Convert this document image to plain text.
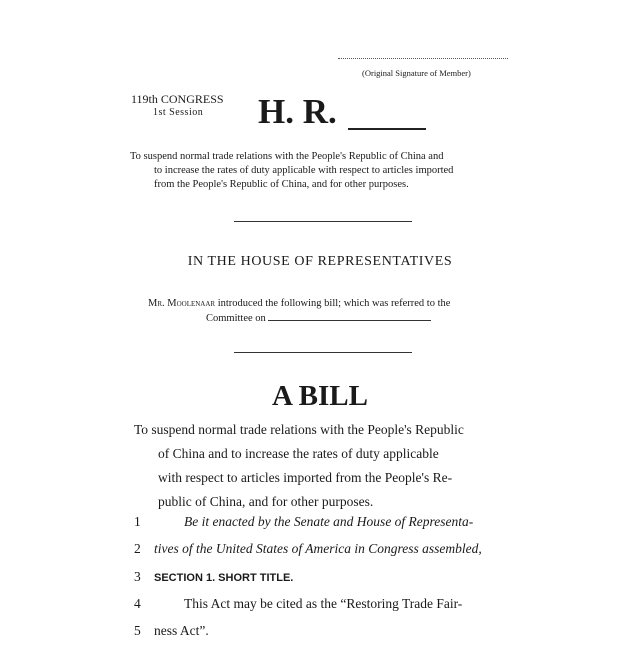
(Original Signature of Member)
119th CONGRESS
1st Session H. R.
To suspend normal trade relations with the People's Republic of China and
to increase the rates of duty applicable with respect to articles imported
from the People's Republic of China, and for other purposes.
IN THE HOUSE OF REPRESENTATIVES
Mr. Moolenaar introduced the following bill; which was referred to the
Committee on
A BILL
To suspend normal trade relations with the People's Republic
of China and to increase the rates of duty applicable
with respect to articles imported from the People's Re-
public of China, and for other purposes.
1	Be it enacted by the Senate and House of Representa-
2 tives of the United States of America in Congress assembled,
3 SECTION 1. SHORT TITLE.
4	This Act may be cited as the “Restoring Trade Fair-
5 ness Act”.
